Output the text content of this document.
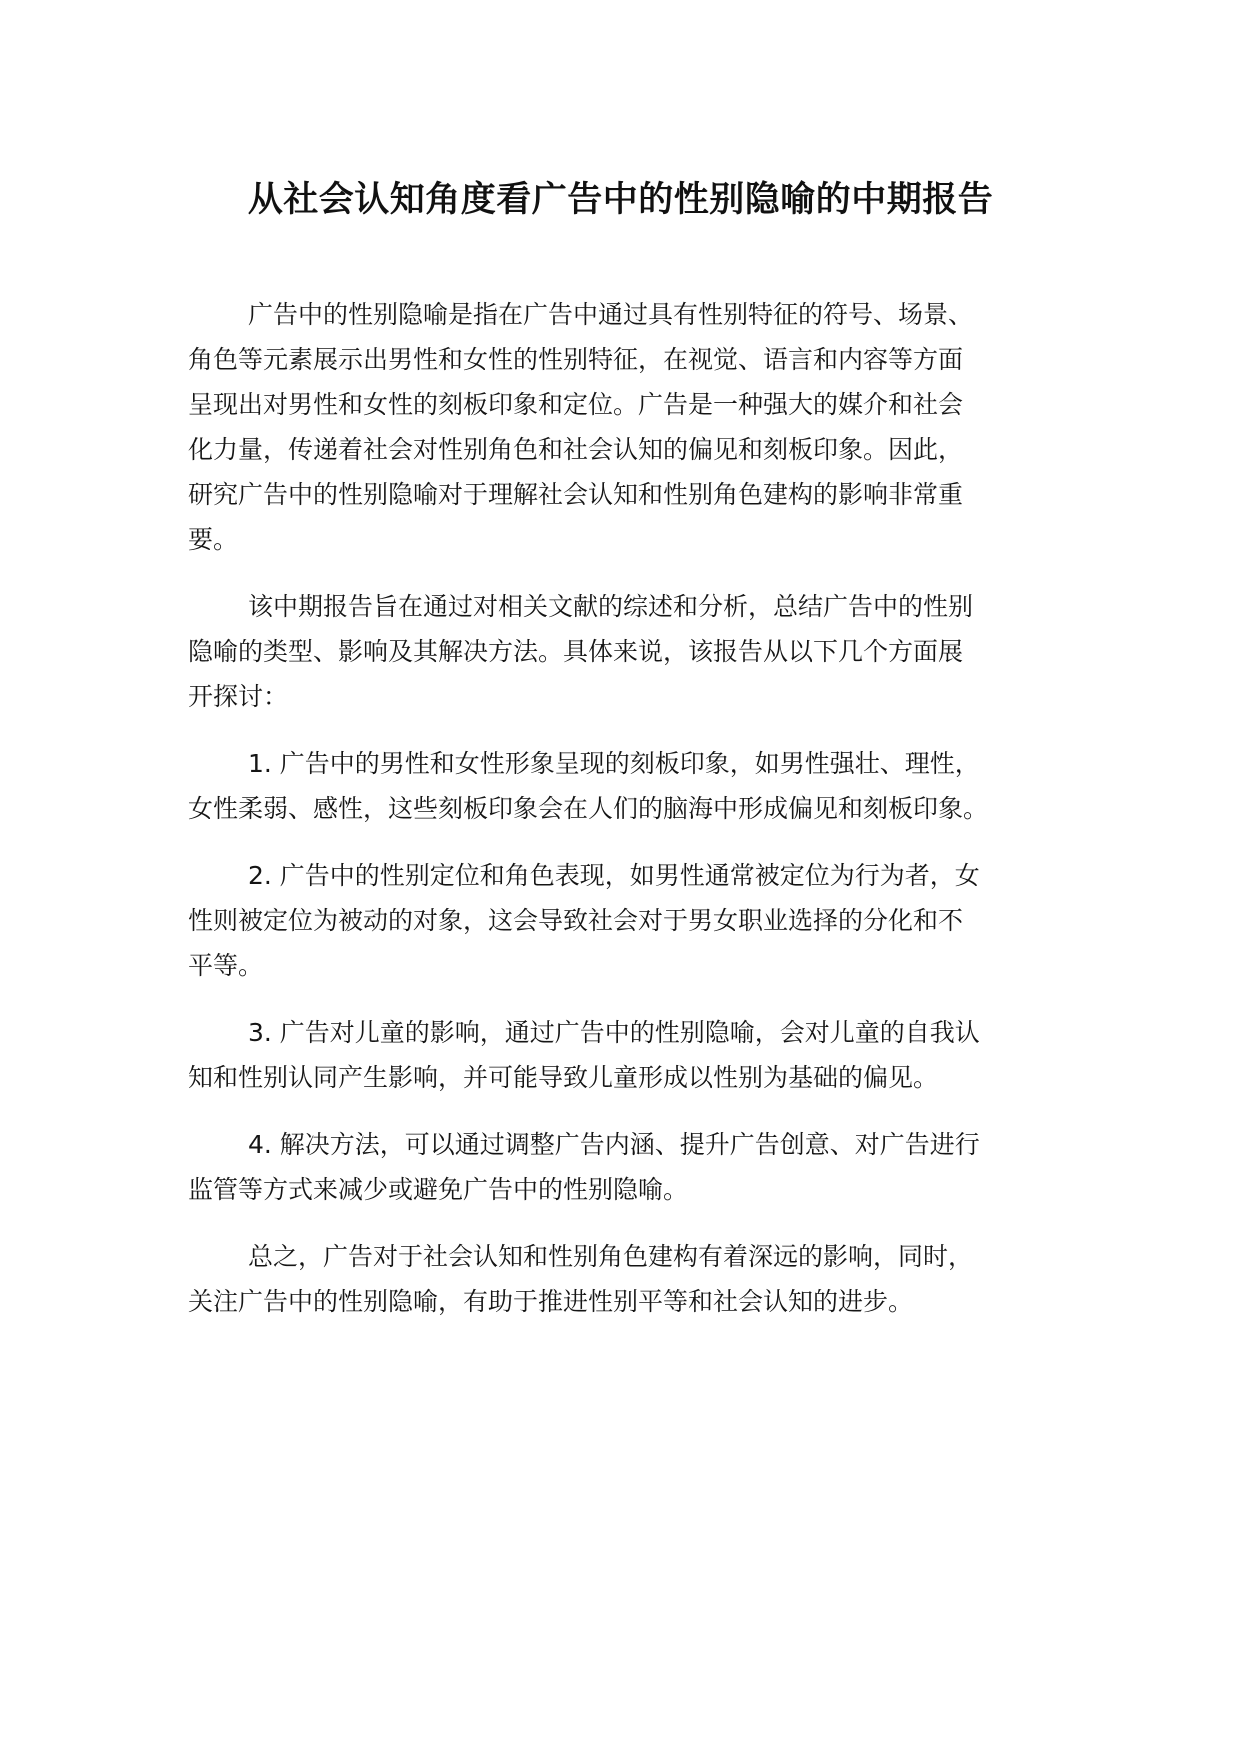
从社会认知角度看广告中的性别隐喻的中期报告

广告中的性别隐喻是指在广告中通过具有性别特征的符号、场景、
角色等元素展示出男性和女性的性别特征，在视觉、语言和内容等方面
呈现出对男性和女性的刻板印象和定位。广告是一种强大的媒介和社会
化力量，传递着社会对性别角色和社会认知的偏见和刻板印象。因此，
研究广告中的性别隐喻对于理解社会认知和性别角色建构的影响非常重
要。

该中期报告旨在通过对相关文献的综述和分析，总结广告中的性别
隐喻的类型、影响及其解决方法。具体来说，该报告从以下几个方面展
开探讨：

1. 广告中的男性和女性形象呈现的刻板印象，如男性强壮、理性，
女性柔弱、感性，这些刻板印象会在人们的脑海中形成偏见和刻板印象。

2. 广告中的性别定位和角色表现，如男性通常被定位为行为者，女
性则被定位为被动的对象，这会导致社会对于男女职业选择的分化和不
平等。

3. 广告对儿童的影响，通过广告中的性别隐喻，会对儿童的自我认
知和性别认同产生影响，并可能导致儿童形成以性别为基础的偏见。

4. 解决方法，可以通过调整广告内涵、提升广告创意、对广告进行
监管等方式来减少或避免广告中的性别隐喻。

总之，广告对于社会认知和性别角色建构有着深远的影响，同时，
关注广告中的性别隐喻，有助于推进性别平等和社会认知的进步。
